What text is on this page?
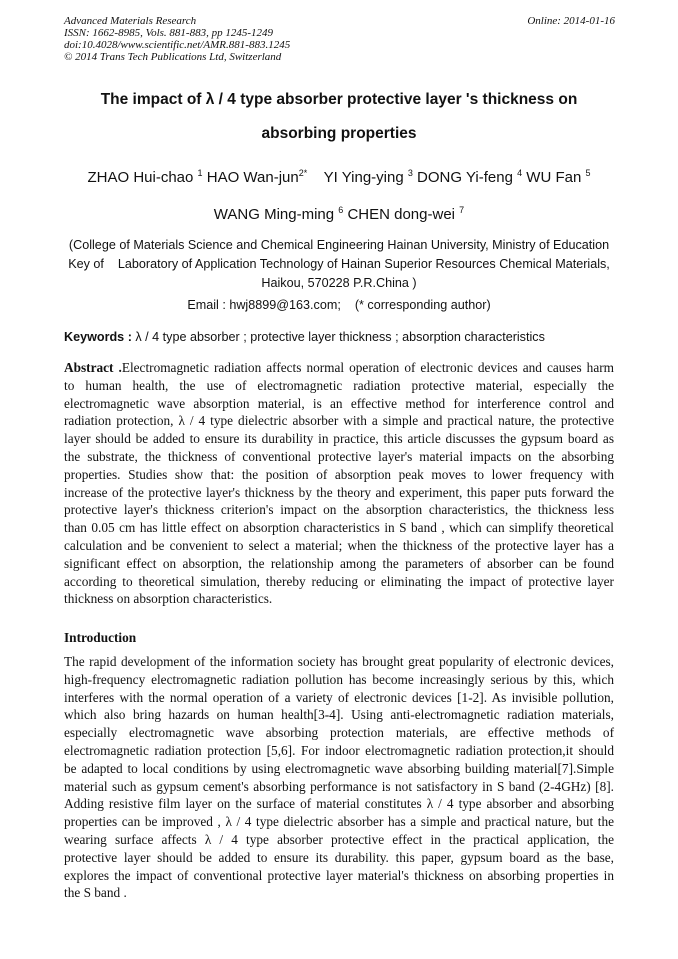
Advanced Materials Research
ISSN: 1662-8985, Vols. 881-883, pp 1245-1249
doi:10.4028/www.scientific.net/AMR.881-883.1245
© 2014 Trans Tech Publications Ltd, Switzerland
Online: 2014-01-16
The impact of λ / 4 type absorber protective layer 's thickness on
absorbing properties
ZHAO Hui-chao $^1$ HAO Wan-jun$^{2*}$ YI Ying-ying $^3$ DONG Yi-feng $^4$ WU Fan $^5$
WANG Ming-ming $^6$ CHEN dong-wei $^7$
(College of Materials Science and Chemical Engineering Hainan University, Ministry of Education
Key of    Laboratory of Application Technology of Hainan Superior Resources Chemical Materials,
Haikou, 570228 P.R.China )
Email : hwj8899@163.com;    (* corresponding author)
Keywords : λ / 4 type absorber ; protective layer thickness ; absorption characteristics
Abstract .Electromagnetic radiation affects normal operation of electronic devices and causes harm
to human health, the use of electromagnetic radiation protective material, especially the
electromagnetic wave absorption material, is an effective method for interference control and
radiation protection, λ / 4 type dielectric absorber with a simple and practical nature, the protective
layer should be added to ensure its durability in practice, this article discusses the gypsum board as
the substrate, the thickness of conventional protective layer's material impacts on the absorbing
properties. Studies show that: the position of absorption peak moves to lower frequency with
increase of the protective layer's thickness by the theory and experiment, this paper puts forward the
protective layer's thickness criterion's impact on the absorption characteristics, the thickness less
than 0.05 cm has little effect on absorption characteristics in S band , which can simplify theoretical
calculation and be convenient to select a material; when the thickness of the protective layer has a
significant effect on absorption, the relationship among the parameters of absorber can be found
according to theoretical simulation, thereby reducing or eliminating the impact of protective layer
thickness on absorption characteristics.
Introduction
The rapid development of the information society has brought great popularity of electronic devices,
high-frequency electromagnetic radiation pollution has become increasingly serious by this, which
interferes with the normal operation of a variety of electronic devices [1-2]. As invisible pollution,
which also bring hazards on human health[3-4]. Using anti-electromagnetic radiation materials,
especially electromagnetic wave absorbing protection materials, are effective methods of
electromagnetic radiation protection [5,6]. For indoor electromagnetic radiation protection,it should
be adapted to local conditions by using electromagnetic wave absorbing building material[7].Simple
material such as gypsum cement's absorbing performance is not satisfactory in S band (2-4GHz) [8].
Adding resistive film layer on the surface of material constitutes λ / 4 type absorber and absorbing
properties can be improved , λ / 4 type dielectric absorber has a simple and practical nature, but the
wearing surface affects λ / 4 type absorber protective effect in the practical application, the
protective layer should be added to ensure its durability. this paper, gypsum board as the base,
explores the impact of conventional protective layer material's thickness on absorbing properties in
the S band .
